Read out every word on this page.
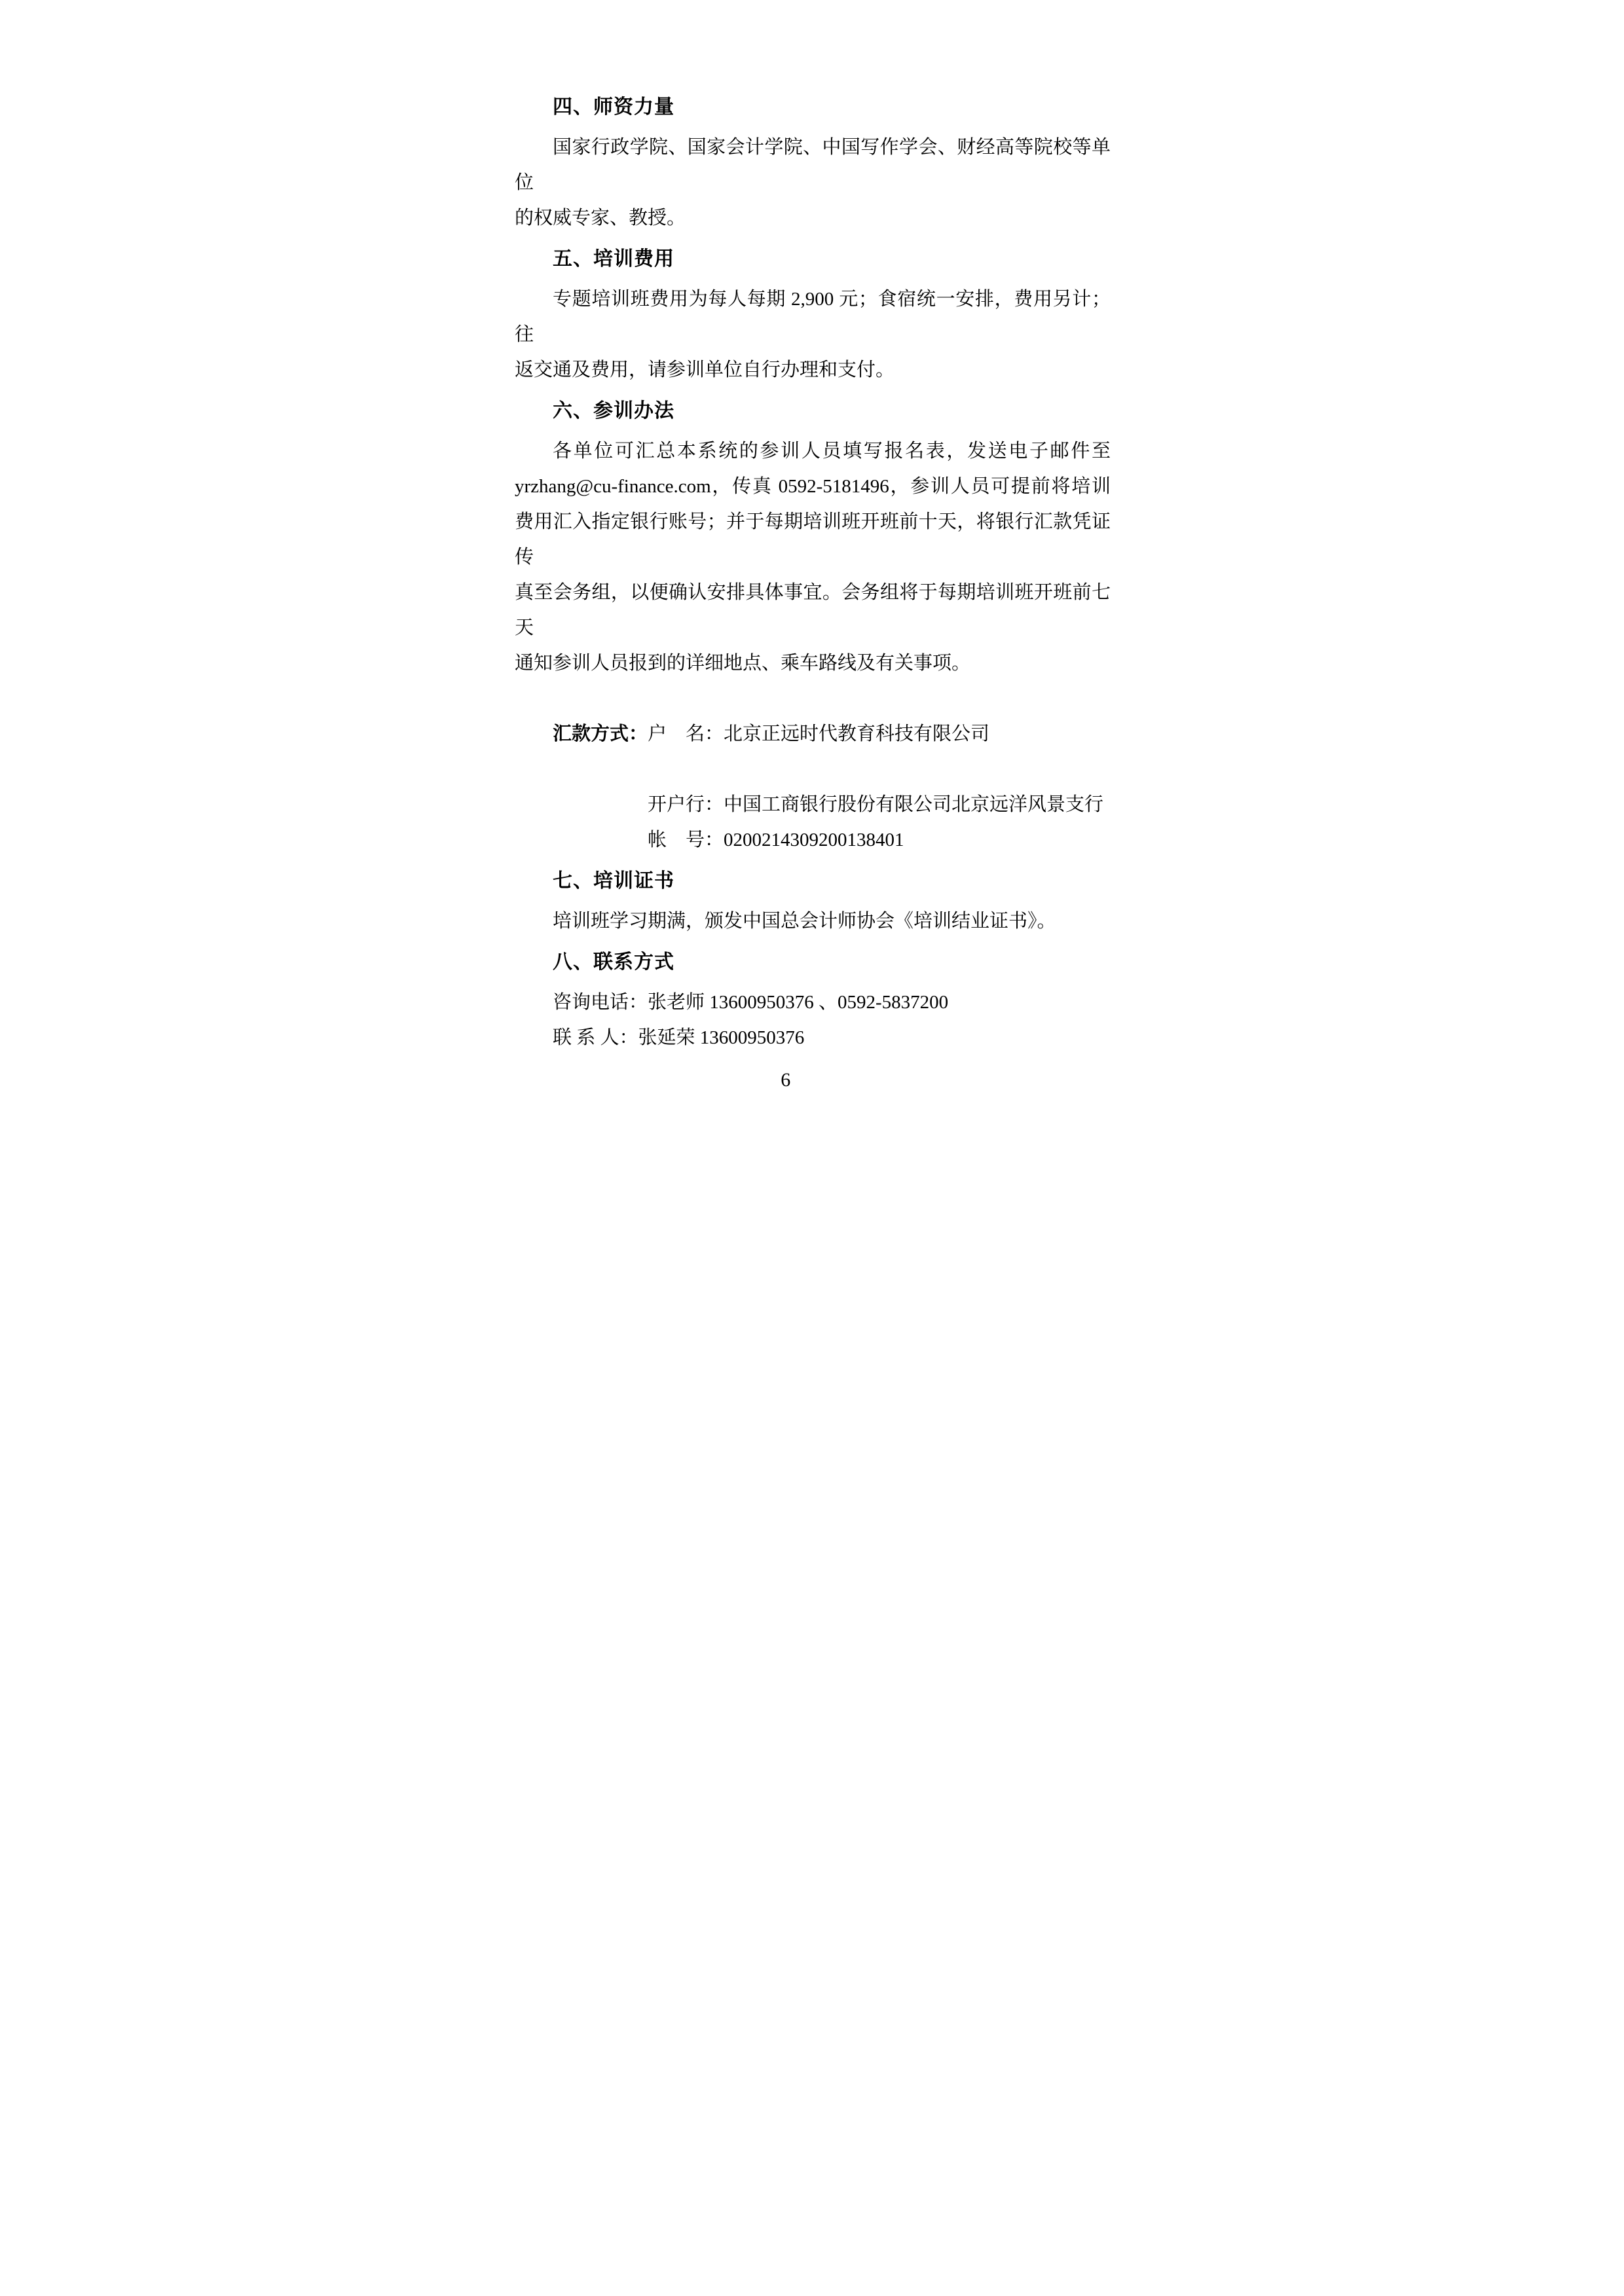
四、师资力量
国家行政学院、国家会计学院、中国写作学会、财经高等院校等单位
的权威专家、教授。
五、培训费用
专题培训班费用为每人每期 2,900 元；食宿统一安排，费用另计；往
返交通及费用，请参训单位自行办理和支付。
六、参训办法
各单位可汇总本系统的参训人员填写报名表，发送电子邮件至
yrzhang@cu-finance.com，传真 0592-5181496，参训人员可提前将培训
费用汇入指定银行账号；并于每期培训班开班前十天，将银行汇款凭证传
真至会务组，以便确认安排具体事宜。会务组将于每期培训班开班前七天
通知参训人员报到的详细地点、乘车路线及有关事项。

汇款方式：户　名：北京正远时代教育科技有限公司

开户行：中国工商银行股份有限公司北京远洋风景支行
帐　号：0200214309200138401
七、培训证书
培训班学习期满，颁发中国总会计师协会《培训结业证书》。
八、联系方式
咨询电话：张老师 13600950376 、0592-5837200
联 系 人：张延荣 13600950376
6
